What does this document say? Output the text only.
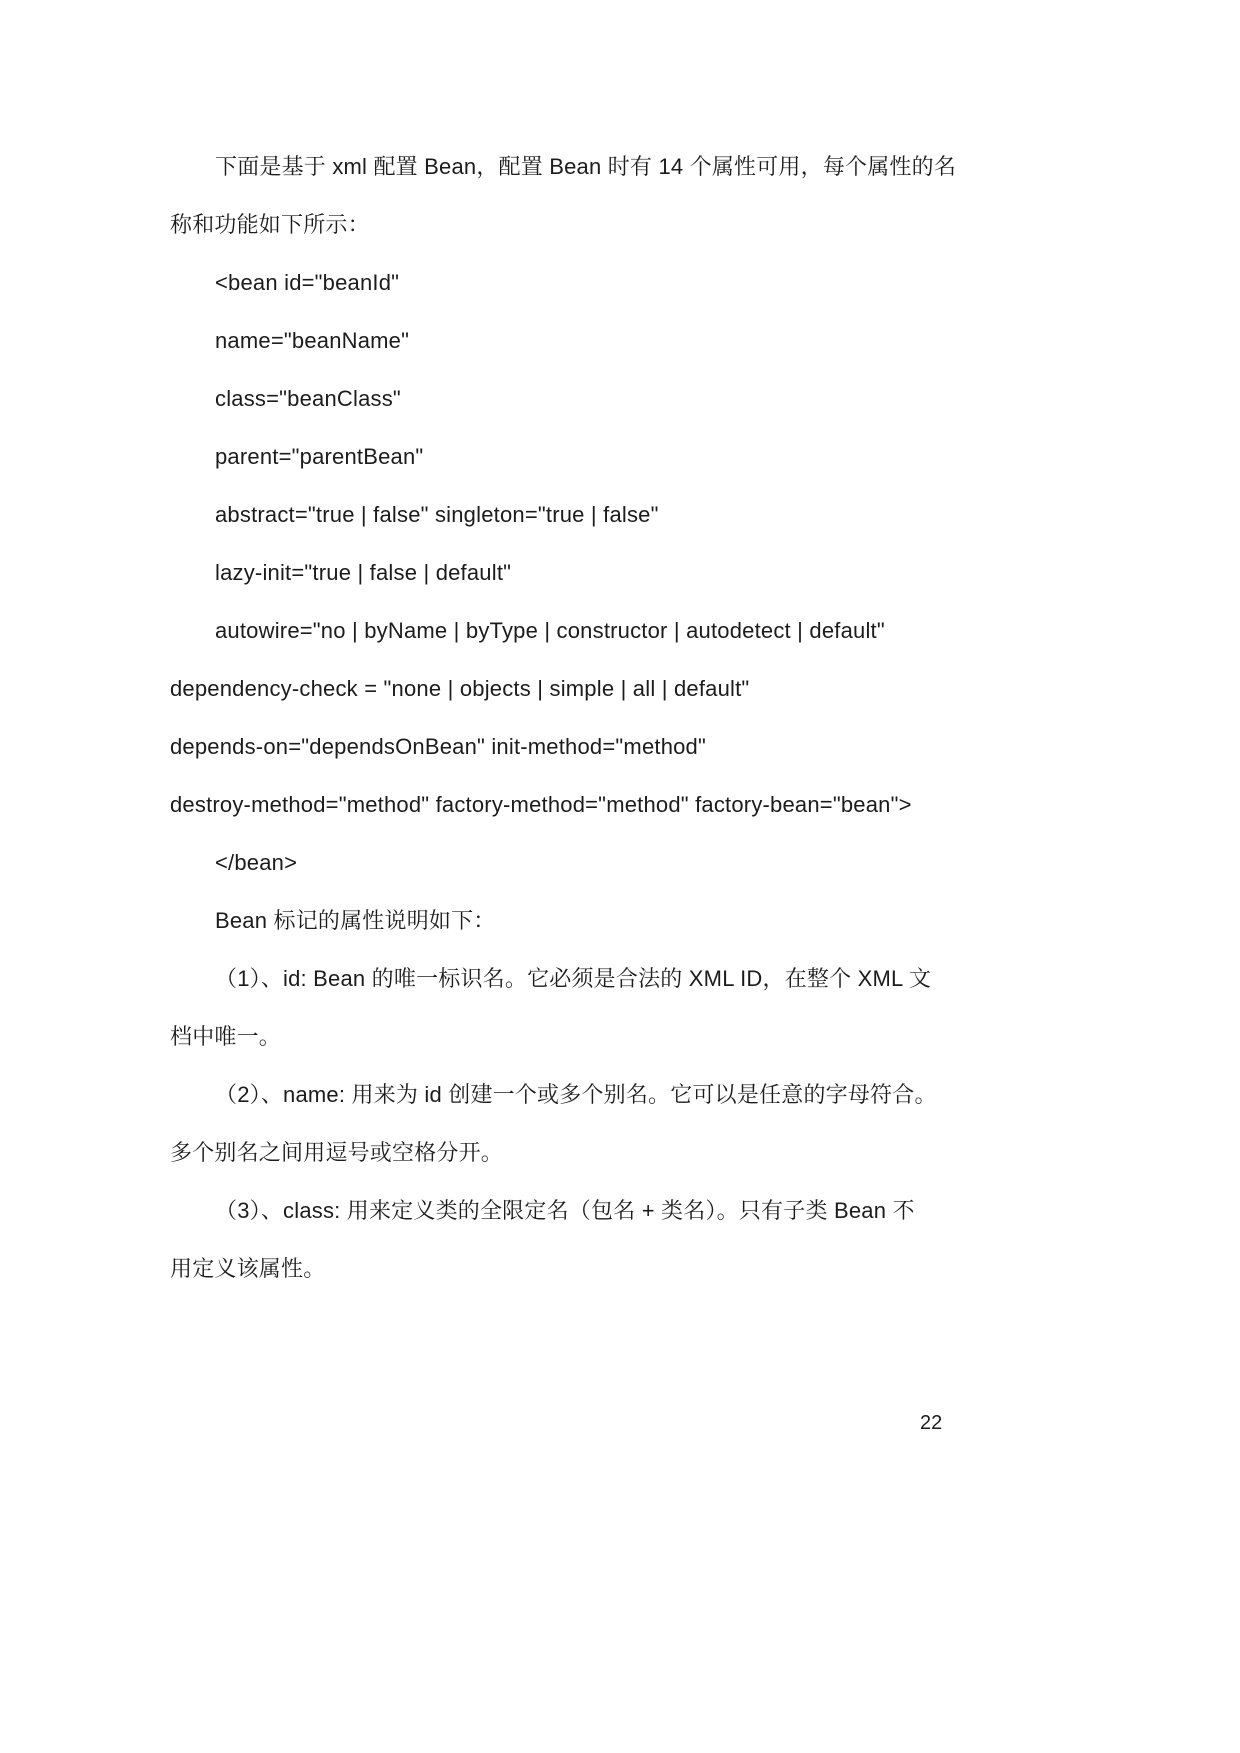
下面是基于 xml 配置 Bean，配置 Bean 时有 14 个属性可用，每个属性的名
称和功能如下所示：
<bean id="beanId"
name="beanName"
class="beanClass"
parent="parentBean"
abstract="true | false" singleton="true | false"
lazy-init="true | false | default"
autowire="no | byName | byType | constructor | autodetect | default"
dependency-check = "none | objects | simple | all | default"
depends-on="dependsOnBean" init-method="method"
destroy-method="method" factory-method="method" factory-bean="bean">
</bean>
Bean 标记的属性说明如下：
（1）、id: Bean 的唯一标识名。它必须是合法的 XML ID，在整个 XML 文
档中唯一。
（2）、name: 用来为 id 创建一个或多个别名。它可以是任意的字母符合。
多个别名之间用逗号或空格分开。
（3）、class: 用来定义类的全限定名（包名 + 类名）。只有子类 Bean 不
用定义该属性。
22
